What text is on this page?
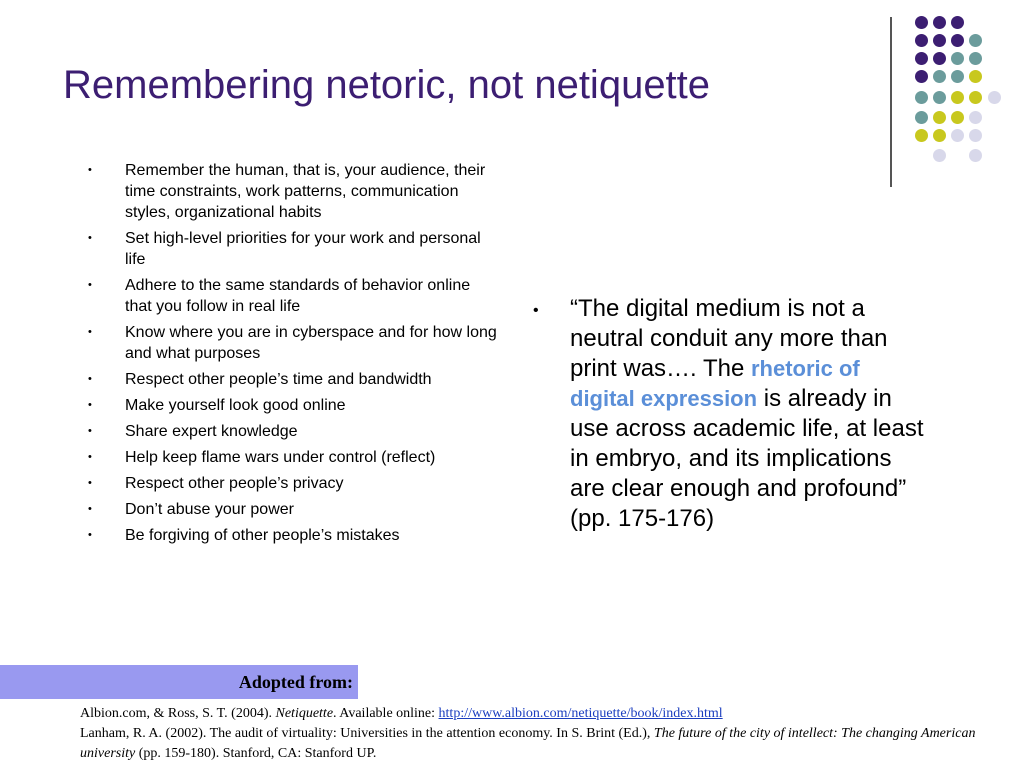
Remembering netoric, not netiquette
• Remember the human, that is, your audience, their time constraints, work patterns, communication styles, organizational habits
• Set high-level priorities for your work and personal life
• Adhere to the same standards of behavior online that you follow in real life
• Know where you are in cyberspace and for how long and what purposes
• Respect other people’s time and bandwidth
• Make yourself look good online
• Share expert knowledge
• Help keep flame wars under control (reflect)
• Respect other people’s privacy
• Don’t abuse your power
• Be forgiving of other people’s mistakes
• “The digital medium is not a neutral conduit any more than print was…. The rhetoric of digital expression is already in use across academic life, at least in embryo, and its implications are clear enough and profound” (pp. 175-176)
Adopted from:
Albion.com, & Ross, S. T. (2004). Netiquette. Available online: http://www.albion.com/netiquette/book/index.html
Lanham, R. A. (2002). The audit of virtuality: Universities in the attention economy. In S. Brint (Ed.), The future of the city of intellect: The changing American university (pp. 159-180). Stanford, CA: Stanford UP.
